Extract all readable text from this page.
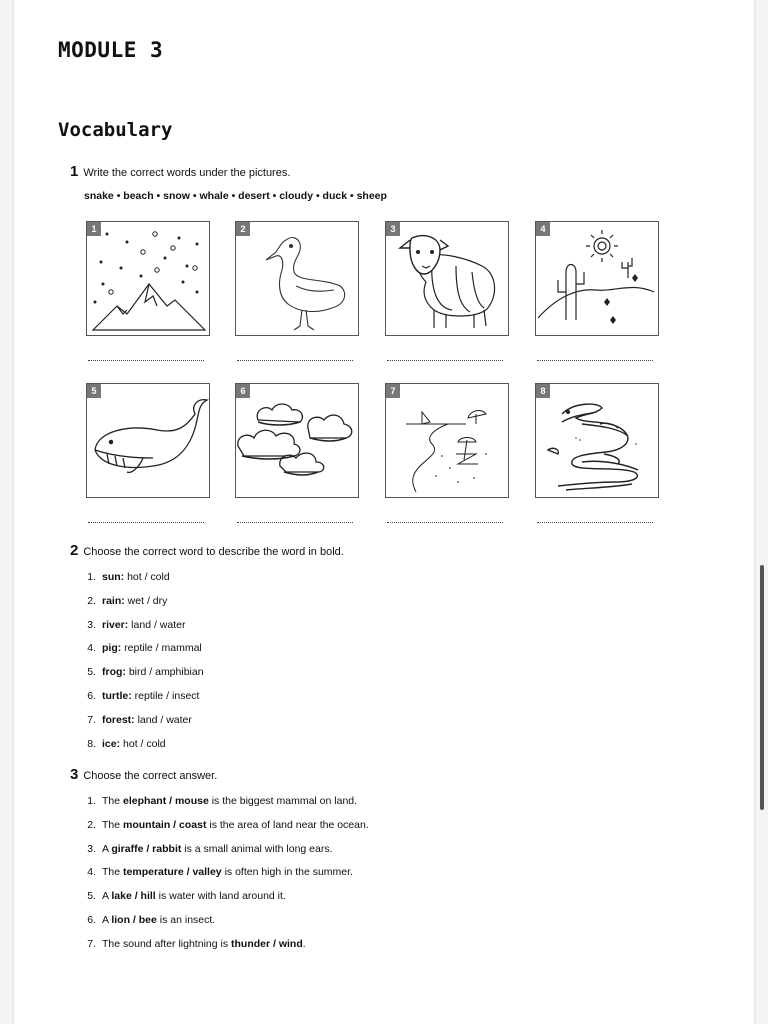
MODULE 3
Vocabulary
1 Write the correct words under the pictures.
snake • beach • snow • whale • desert • cloudy • duck • sheep
1	2	3	4
5	6	7	8
2 Choose the correct word to describe the word in bold.
1. sun: hot / cold
2. rain: wet / dry
3. river: land / water
4. pig: reptile / mammal
5. frog: bird / amphibian
6. turtle: reptile / insect
7. forest: land / water
8. ice: hot / cold
3 Choose the correct answer.
1. The elephant / mouse is the biggest mammal on land.
2. The mountain / coast is the area of land near the ocean.
3. A giraffe / rabbit is a small animal with long ears.
4. The temperature / valley is often high in the summer.
5. A lake / hill is water with land around it.
6. A lion / bee is an insect.
7. The sound after lightning is thunder / wind.
